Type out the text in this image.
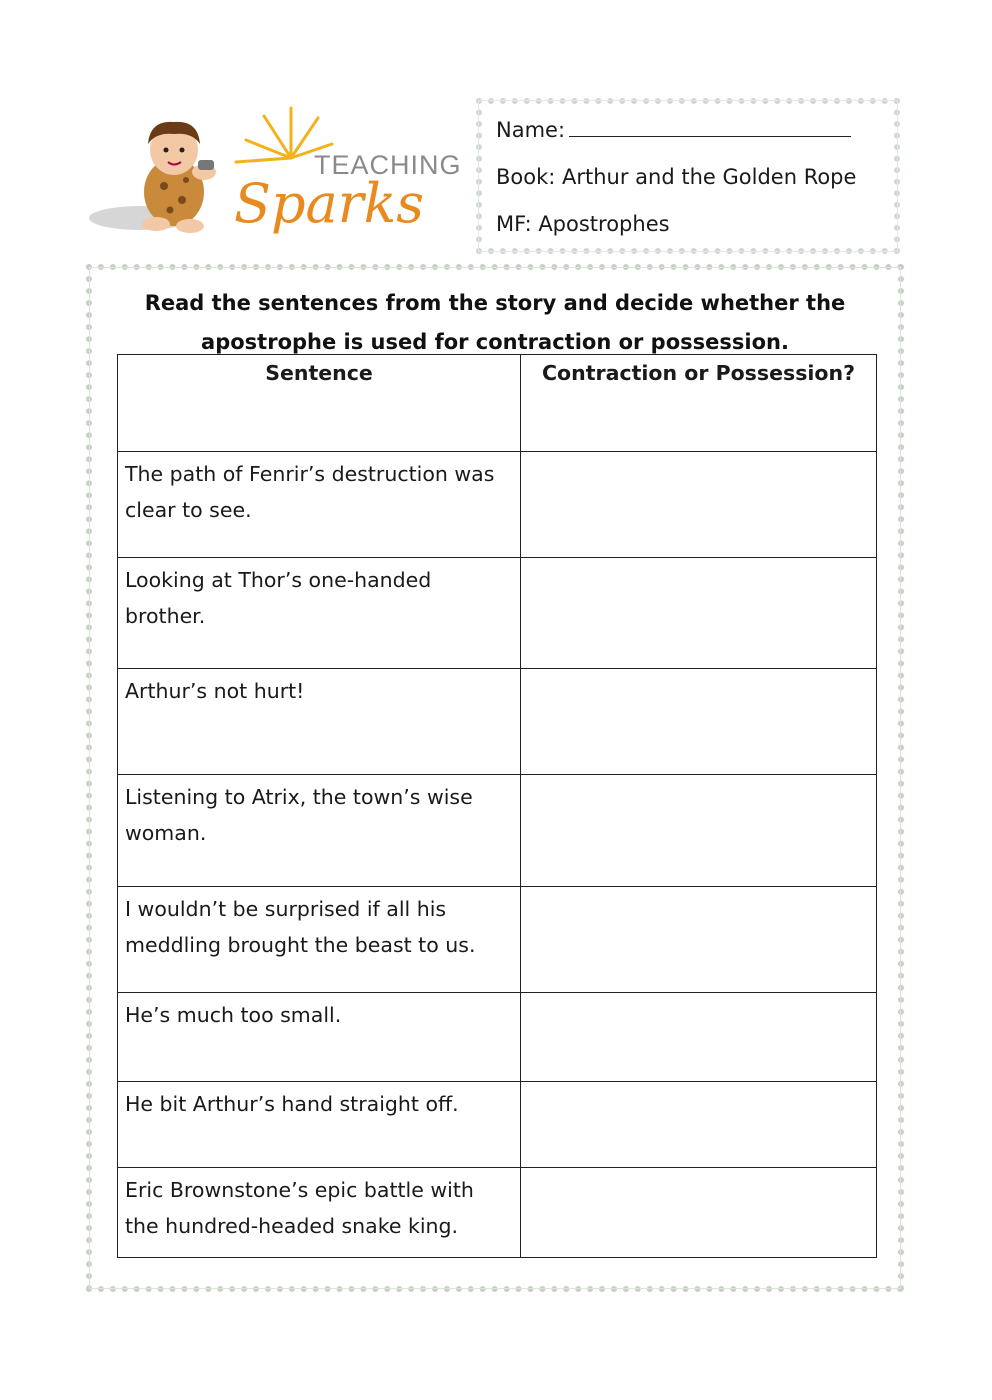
TEACHING
Sparks
Name:
Book: Arthur and the Golden Rope
MF: Apostrophes
Read the sentences from the story and decide whether the
apostrophe is used for contraction or possession.
Sentence	Contraction or Possession?

The path of Fenrir’s destruction was
clear to see.	

Looking at Thor’s one-handed
brother.	

Arthur’s not hurt!	

Listening to Atrix, the town’s wise
woman.	

I wouldn’t be surprised if all his
meddling brought the beast to us.	

He’s much too small.	

He bit Arthur’s hand straight off.	

Eric Brownstone’s epic battle with
the hundred-headed snake king.	
